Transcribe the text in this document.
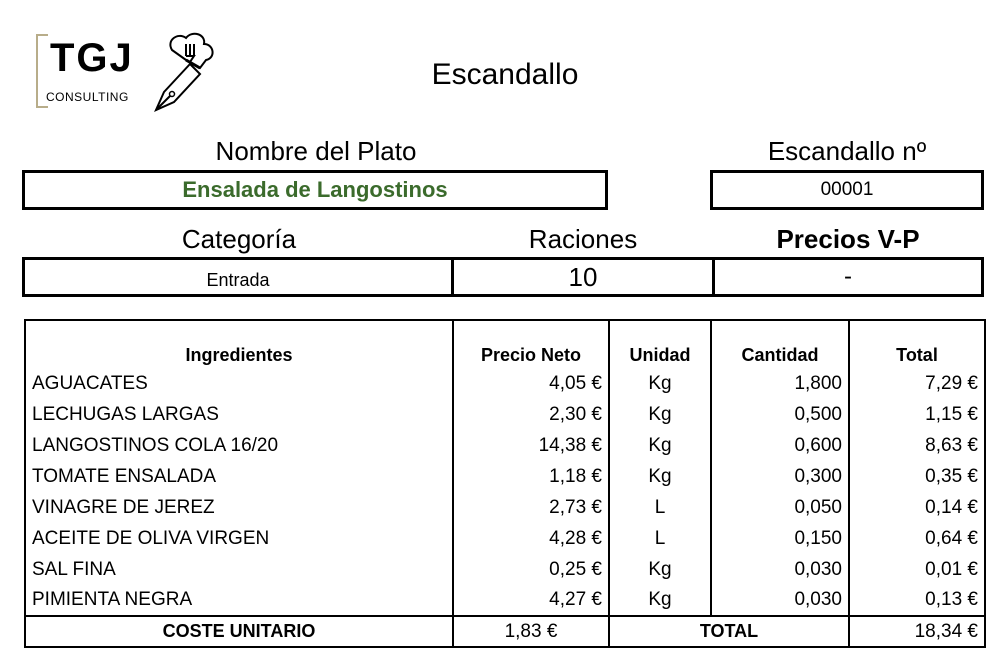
TGJ
CONSULTING
Escandallo
Nombre del Plato
Ensalada de Langostinos
Escandallo nº
00001
Categoría	Raciones	Precios V-P
Entrada	10	-
Ingredientes	Precio Neto	Unidad	Cantidad	Total
AGUACATES	4,05 €	Kg	1,800	7,29 €
LECHUGAS LARGAS	2,30 €	Kg	0,500	1,15 €
LANGOSTINOS COLA 16/20	14,38 €	Kg	0,600	8,63 €
TOMATE ENSALADA	1,18 €	Kg	0,300	0,35 €
VINAGRE DE JEREZ	2,73 €	L	0,050	0,14 €
ACEITE DE OLIVA VIRGEN	4,28 €	L	0,150	0,64 €
SAL FINA	0,25 €	Kg	0,030	0,01 €
PIMIENTA NEGRA	4,27 €	Kg	0,030	0,13 €
COSTE UNITARIO	1,83 €	TOTAL		18,34 €
